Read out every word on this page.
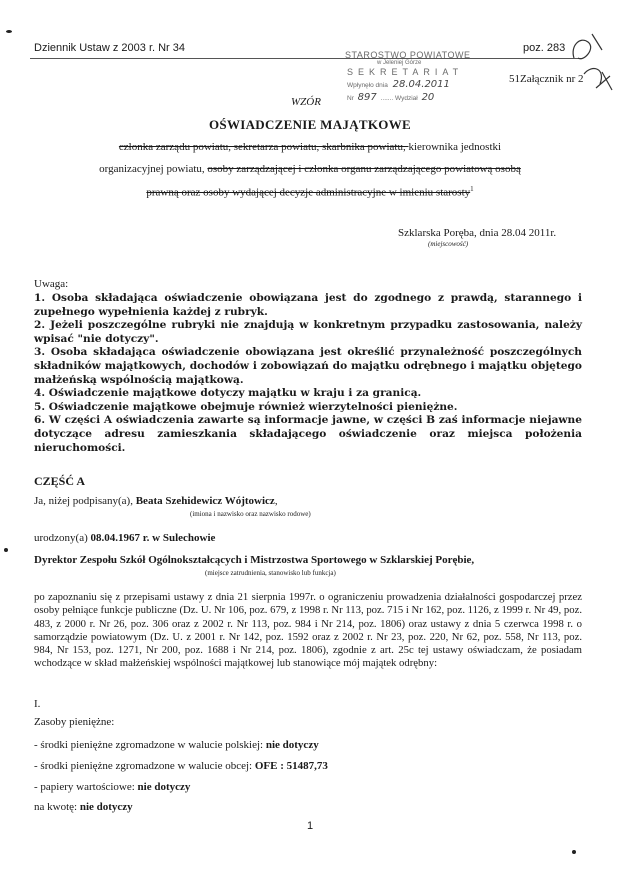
Dziennik Ustaw z 2003 r. Nr 34	poz. 283
STAROSTWO POWIATOWE
w Jeleniej Górze
SEKRETARIAT
Wpłynęło dnia 28.04.2011
Nr 897 ....... Wydział 20
51Załącznik nr 2
WZÓR
OŚWIADCZENIE MAJĄTKOWE
członka zarządu powiatu, sekretarza powiatu, skarbnika powiatu, kierownika jednostki
organizacyjnej powiatu, osoby zarządzającej i członka organu zarządzającego powiatową osobą
prawną oraz osoby wydającej decyzje administracyjne w imieniu starosty$^1$
Szklarska Poręba, dnia 28.04 2011r.
(miejscowość)
Uwaga:

1. Osoba składająca oświadczenie obowiązana jest do zgodnego z prawdą, starannego i zupełnego wypełnienia każdej z rubryk.

2. Jeżeli poszczególne rubryki nie znajdują w konkretnym przypadku zastosowania, należy wpisać "nie dotyczy".

3. Osoba składająca oświadczenie obowiązana jest określić przynależność poszczególnych składników majątkowych, dochodów i zobowiązań do majątku odrębnego i majątku objętego małżeńską wspólnością majątkową.

4. Oświadczenie majątkowe dotyczy majątku w kraju i za granicą.

5. Oświadczenie majątkowe obejmuje również wierzytelności pieniężne.

6. W części A oświadczenia zawarte są informacje jawne, w części B zaś informacje niejawne dotyczące adresu zamieszkania składającego oświadczenie oraz miejsca położenia nieruchomości.

CZĘŚĆ A
Ja, niżej podpisany(a), Beata Szehidewicz Wójtowicz,
(imiona i nazwisko oraz nazwisko rodowe)
urodzony(a) 08.04.1967 r. w Sulechowie
Dyrektor Zespołu Szkół Ogólnokształcących i Mistrzostwa Sportowego w Szklarskiej Porębie,
(miejsce zatrudnienia, stanowisko lub funkcja)
po zapoznaniu się z przepisami ustawy z dnia 21 sierpnia 1997r. o ograniczeniu prowadzenia działalności gospodarczej przez osoby pełniące funkcje publiczne (Dz. U. Nr 106, poz. 679, z 1998 r. Nr 113, poz. 715 i Nr 162, poz. 1126, z 1999 r. Nr 49, poz. 483, z 2000 r. Nr 26, poz. 306 oraz z 2002 r. Nr 113, poz. 984 i Nr 214, poz. 1806) oraz ustawy z dnia 5 czerwca 1998 r. o samorządzie powiatowym (Dz. U. z 2001 r. Nr 142, poz. 1592 oraz z 2002 r. Nr 23, poz. 220, Nr 62, poz. 558, Nr 113, poz. 984, Nr 153, poz. 1271, Nr 200, poz. 1688 i Nr 214, poz. 1806), zgodnie z art. 25c tej ustawy oświadczam, że posiadam wchodzące w skład małżeńskiej wspólności majątkowej lub stanowiące mój majątek odrębny:
I.
Zasoby pieniężne:
- środki pieniężne zgromadzone w walucie polskiej: nie dotyczy
- środki pieniężne zgromadzone w walucie obcej: OFE : 51487,73
- papiery wartościowe: nie dotyczy
na kwotę: nie dotyczy
1
